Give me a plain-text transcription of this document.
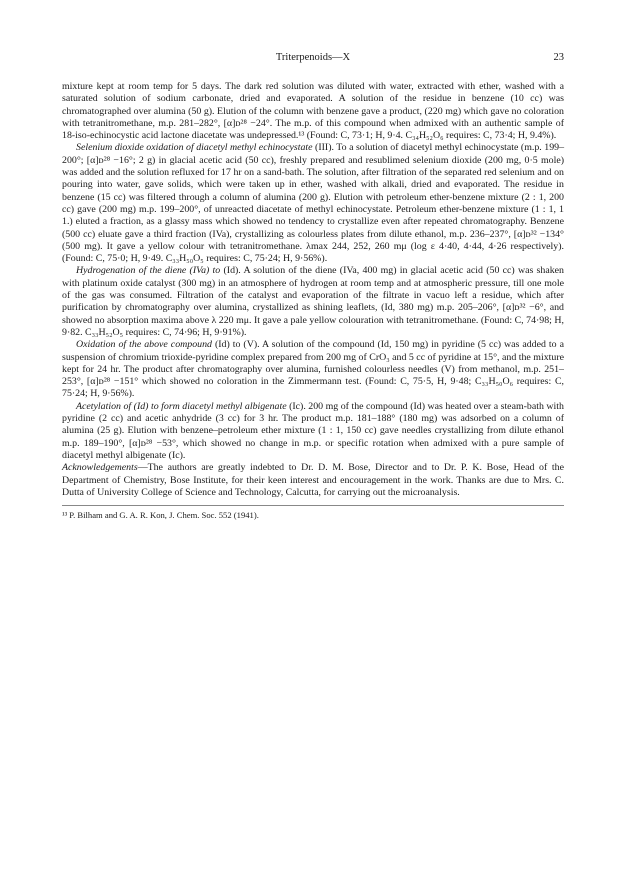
Triterpenoids—X	23

mixture kept at room temp for 5 days. The dark red solution was diluted with water, extracted with ether, washed with a saturated solution of sodium carbonate, dried and evaporated. A solution of the residue in benzene (10 cc) was chromatographed over alumina (50 g). Elution of the column with benzene gave a product, (220 mg) which gave no coloration with tetranitromethane, m.p. 281–282°, [α]ᴅ²⁸ −24°. The m.p. of this compound when admixed with an authentic sample of 18-iso-echinocystic acid lactone diacetate was undepressed.¹³ (Found: C, 73·1; H, 9·4. C₃₄H₅₂O₆ requires: C, 73·4; H, 9.4%).

Selenium dioxide oxidation of diacetyl methyl echinocystate (III). To a solution of diacetyl methyl echinocystate (m.p. 199–200°; [α]ᴅ²⁸ −16°; 2 g) in glacial acetic acid (50 cc), freshly prepared and resublimed selenium dioxide (200 mg, 0·5 mole) was added and the solution refluxed for 17 hr on a sand-bath. The solution, after filtration of the separated red selenium and on pouring into water, gave solids, which were taken up in ether, washed with alkali, dried and evaporated. The residue in benzene (15 cc) was filtered through a column of alumina (200 g). Elution with petroleum ether-benzene mixture (2 : 1, 200 cc) gave (200 mg) m.p. 199–200°, of unreacted diacetate of methyl echinocystate. Petroleum ether-benzene mixture (1 : 1, 1 1.) eluted a fraction, as a glassy mass which showed no tendency to crystallize even after repeated chromatography. Benzene (500 cc) eluate gave a third fraction (IVa), crystallizing as colourless plates from dilute ethanol, m.p. 236–237°, [α]ᴅ³² −134° (500 mg). It gave a yellow colour with tetranitromethane. λmax 244, 252, 260 mμ (log ε 4·40, 4·44, 4·26 respectively). (Found: C, 75·0; H, 9·49. C₃₃H₅₀O₅ requires: C, 75·24; H, 9·56%).

Hydrogenation of the diene (IVa) to (Id). A solution of the diene (IVa, 400 mg) in glacial acetic acid (50 cc) was shaken with platinum oxide catalyst (300 mg) in an atmosphere of hydrogen at room temp and at atmospheric pressure, till one mole of the gas was consumed. Filtration of the catalyst and evaporation of the filtrate in vacuo left a residue, which after purification by chromatography over alumina, crystallized as shining leaflets, (Id, 380 mg) m.p. 205–206°, [α]ᴅ³² −6°, and showed no absorption maxima above λ 220 mμ. It gave a pale yellow colouration with tetranitromethane. (Found: C, 74·98; H, 9·82. C₃₃H₅₂O₅ requires: C, 74·96; H, 9·91%).

Oxidation of the above compound (Id) to (V). A solution of the compound (Id, 150 mg) in pyridine (5 cc) was added to a suspension of chromium trioxide-pyridine complex prepared from 200 mg of CrO₃ and 5 cc of pyridine at 15°, and the mixture kept for 24 hr. The product after chromatography over alumina, furnished colourless needles (V) from methanol, m.p. 251–253°, [α]ᴅ²⁸ −151° which showed no coloration in the Zimmermann test. (Found: C, 75·5, H, 9·48; C₃₃H₅₀O₆ requires: C, 75·24; H, 9·56%).

Acetylation of (Id) to form diacetyl methyl albigenate (Ic). 200 mg of the compound (Id) was heated over a steam-bath with pyridine (2 cc) and acetic anhydride (3 cc) for 3 hr. The product m.p. 181–188° (180 mg) was adsorbed on a column of alumina (25 g). Elution with benzene–petroleum ether mixture (1 : 1, 150 cc) gave needles crystallizing from dilute ethanol m.p. 189–190°, [α]ᴅ²⁸ −53°, which showed no change in m.p. or specific rotation when admixed with a pure sample of diacetyl methyl albigenate (Ic).

Acknowledgements—The authors are greatly indebted to Dr. D. M. Bose, Director and to Dr. P. K. Bose, Head of the Department of Chemistry, Bose Institute, for their keen interest and encouragement in the work. Thanks are due to Mrs. C. Dutta of University College of Science and Technology, Calcutta, for carrying out the microanalysis.

¹³ P. Bilham and G. A. R. Kon, J. Chem. Soc. 552 (1941).
